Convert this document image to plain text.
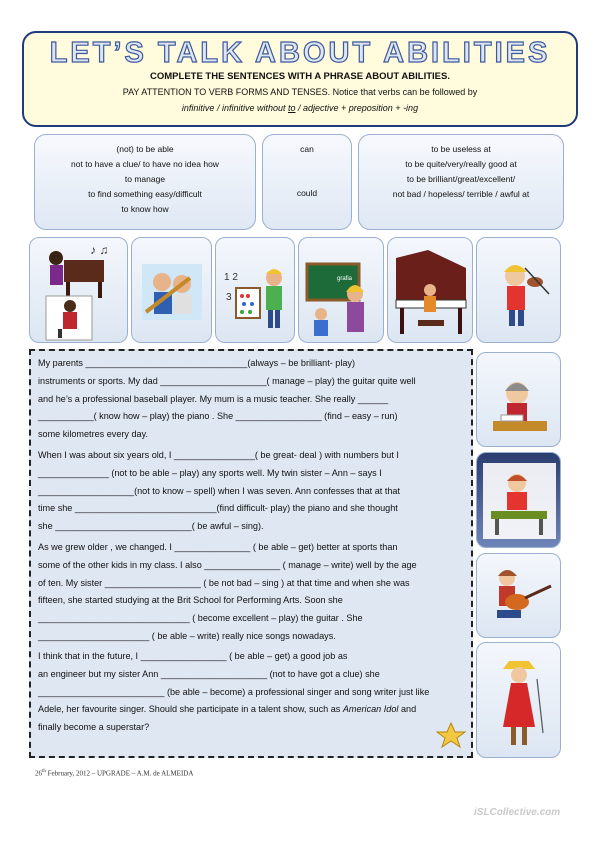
LET’S TALK ABOUT ABILITIES
COMPLETE THE SENTENCES WITH A PHRASE ABOUT ABILITIES.
PAY ATTENTION TO VERB FORMS AND TENSES. Notice that verbs can be followed by
infinitive / infinitive without to / adjective + preposition + -ing
(not) to be able
not to have a clue/ to have no idea how
to manage
to find something easy/difficult
to know how
can
could
to be useless at
to be quite/very/really good at
to be brilliant/great/excellent/
not bad / hopeless/ terrible / awful at
♪ ♫
1 2
3
grafia
My parents ________________________________(always – be brilliant- play)
instruments or sports. My dad _____________________( manage – play) the guitar quite well
and he’s a professional baseball player. My mum is a music teacher. She really ______
___________( know how – play) the piano . She _________________ (find – easy – run)
some kilometres every day.
When I was about six years old, I ________________( be great- deal ) with numbers but I
______________ (not to be able – play) any sports well. My twin sister – Ann – says I
___________________(not to know – spell) when I was seven. Ann confesses that at that
time she ____________________________(find difficult- play) the piano and she thought
she ___________________________( be awful – sing).
As we grew older , we changed. I _______________ ( be able – get) better at sports than
some of the other kids in my class. I also _______________ ( manage – write) well by the age
of ten. My sister ___________________ ( be not bad – sing ) at that time and when she was
fifteen, she started studying at the Brit School for Performing Arts. Soon she
______________________________ ( become excellent – play) the guitar . She
______________________ ( be able – write) really nice songs nowadays.
I think that in the future, I _________________ ( be able – get) a good job as
an engineer but my sister Ann _____________________ (not to have got a clue) she
_________________________ (be able – become) a professional singer and song writer just like
Adele, her favourite singer. Should she participate in a talent show, such as American Idol and
finally become a superstar?
26th February, 2012 – UPGRADE – A.M. de ALMEIDA
iSLCollective.com
